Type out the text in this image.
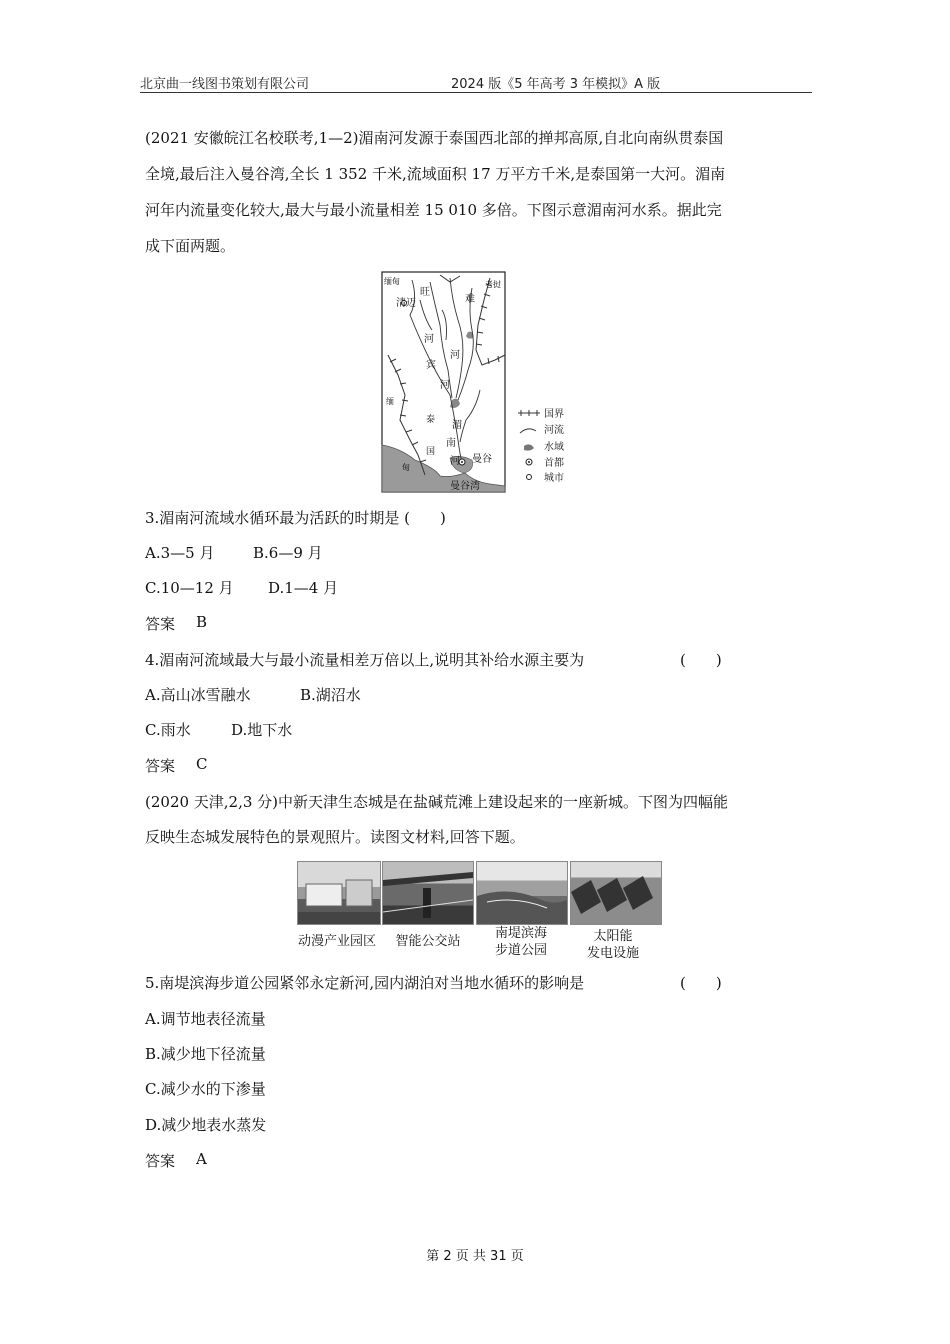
北京曲一线图书策划有限公司	2024 版《5 年高考 3 年模拟》A 版
(2021 安徽皖江名校联考,1—2)湄南河发源于泰国西北部的掸邦高原,自北向南纵贯泰国
全境,最后注入曼谷湾,全长 1 352 千米,流域面积 17 万平方千米,是泰国第一大河。湄南
河年内流量变化较大,最大与最小流量相差 15 010 多倍。下图示意湄南河水系。据此完
成下面两题。
缅甸	老挝
清迈
旺
难
河
河
宾
河
缅
甸
泰
国
湄
南
河 曼谷
曼谷湾
国界
河流
水域
首都
城市
3.湄南河流域水循环最为活跃的时期是 (　　)
A.3—5 月	B.6—9 月
C.10—12 月 D.1—4 月
答案 B
4.湄南河流域最大与最小流量相差万倍以上,说明其补给水源主要为	(　　)
A.高山冰雪融水	B.湖沼水
C.雨水	D.地下水
答案 C
(2020 天津,2,3 分)中新天津生态城是在盐碱荒滩上建设起来的一座新城。下图为四幅能
反映生态城发展特色的景观照片。读图文材料,回答下题。
动漫产业园区	智能公交站
南堤滨海
步道公园
太阳能
发电设施
5.南堤滨海步道公园紧邻永定新河,园内湖泊对当地水循环的影响是	(　　)
A.调节地表径流量
B.减少地下径流量
C.减少水的下渗量
D.减少地表水蒸发
答案 A
第 2 页 共 31 页
